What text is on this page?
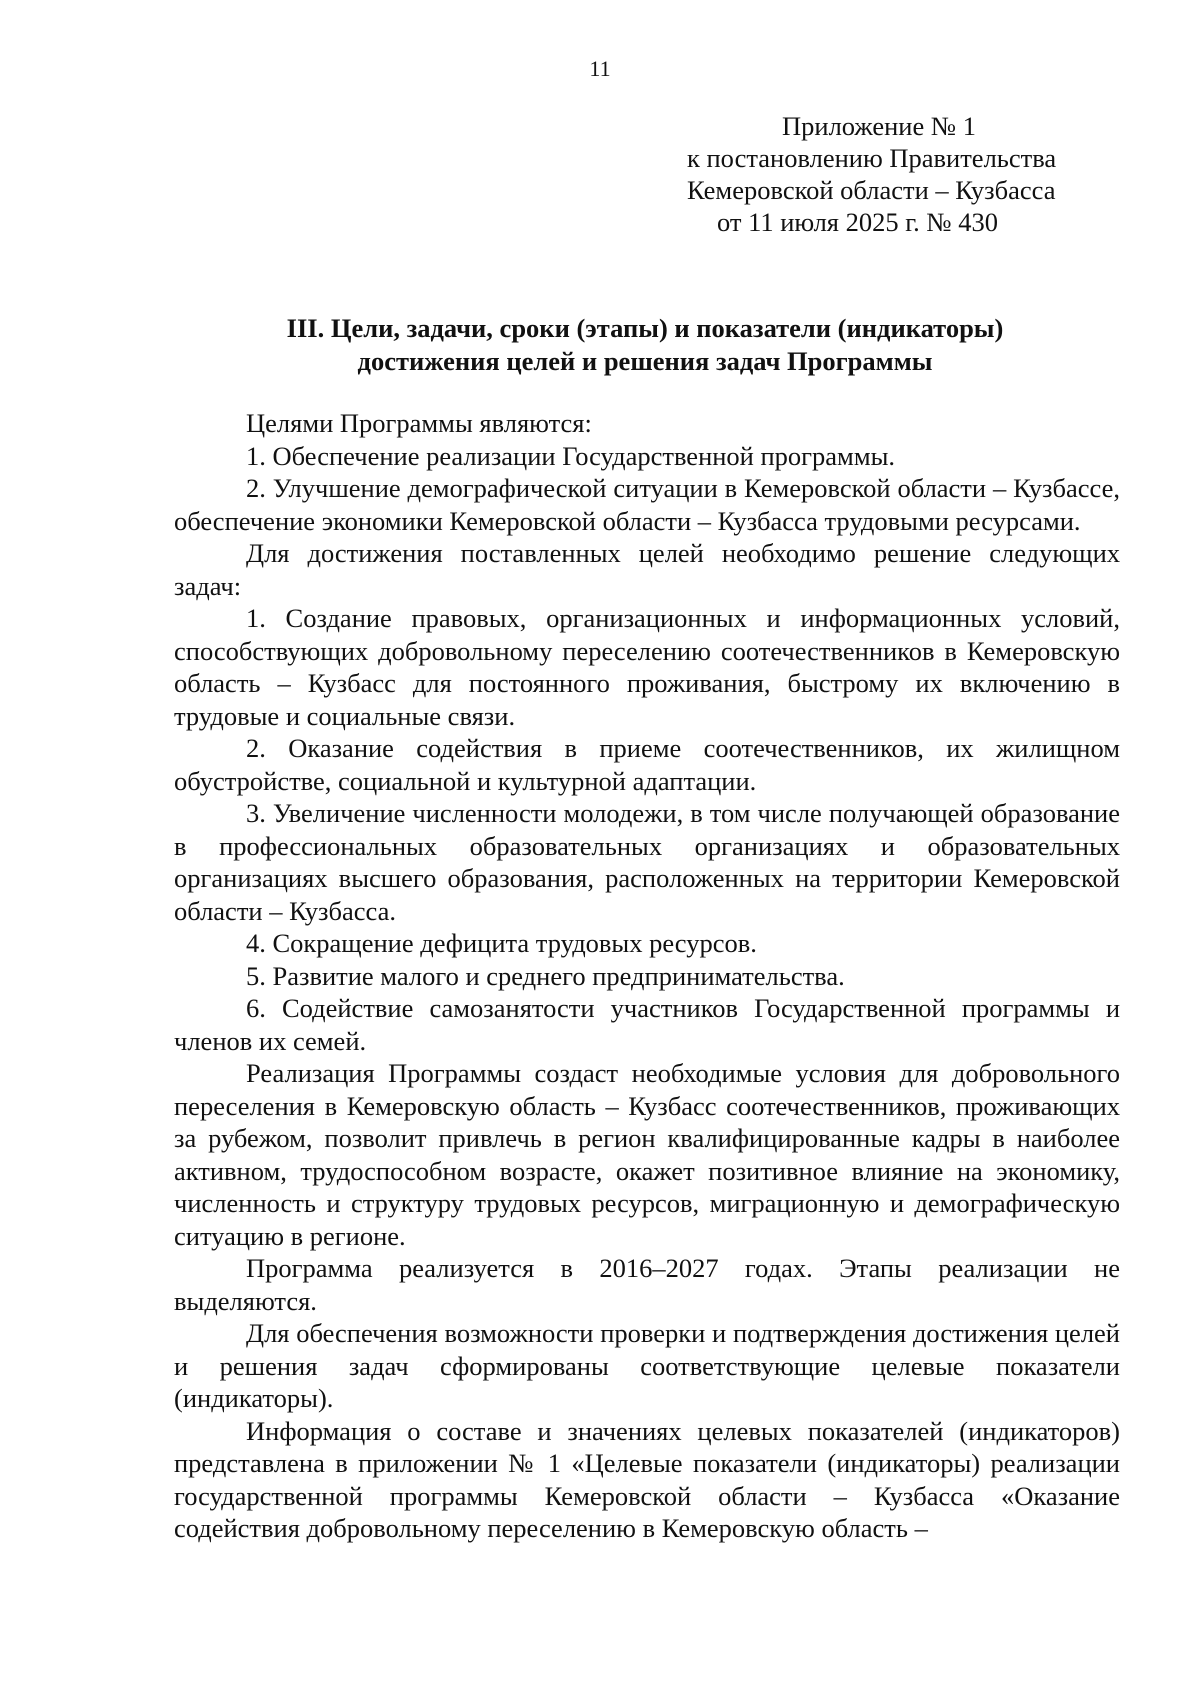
11
Приложение № 1
к постановлению Правительства
Кемеровской области – Кузбасса
от 11 июля 2025 г. № 430
III. Цели, задачи, сроки (этапы) и показатели (индикаторы)
достижения целей и решения задач Программы

Целями Программы являются:

1. Обеспечение реализации Государственной программы.

2. Улучшение демографической ситуации в Кемеровской области – Кузбассе, обеспечение экономики Кемеровской области – Кузбасса трудовыми ресурсами.

Для достижения поставленных целей необходимо решение следующих задач:

1. Создание правовых, организационных и информационных условий, способствующих добровольному переселению соотечественников в Кемеровскую область – Кузбасс для постоянного проживания, быстрому их включению в трудовые и социальные связи.

2. Оказание содействия в приеме соотечественников, их жилищном обустройстве, социальной и культурной адаптации.

3. Увеличение численности молодежи, в том числе получающей образование в профессиональных образовательных организациях и образовательных организациях высшего образования, расположенных на территории Кемеровской области – Кузбасса.

4. Сокращение дефицита трудовых ресурсов.

5. Развитие малого и среднего предпринимательства.

6. Содействие самозанятости участников Государственной программы и членов их семей.

Реализация Программы создаст необходимые условия для добровольного переселения в Кемеровскую область – Кузбасс соотечественников, проживающих за рубежом, позволит привлечь в регион квалифицированные кадры в наиболее активном, трудоспособном возрасте, окажет позитивное влияние на экономику, численность и структуру трудовых ресурсов, миграционную и демографическую ситуацию в регионе.

Программа реализуется в 2016–2027 годах. Этапы реализации не выделяются.

Для обеспечения возможности проверки и подтверждения достижения целей и решения задач сформированы соответствующие целевые показатели (индикаторы).

Информация о составе и значениях целевых показателей (индикаторов) представлена в приложении № 1 «Целевые показатели (индикаторы) реализации государственной программы Кемеровской области – Кузбасса «Оказание содействия добровольному переселению в Кемеровскую область –
